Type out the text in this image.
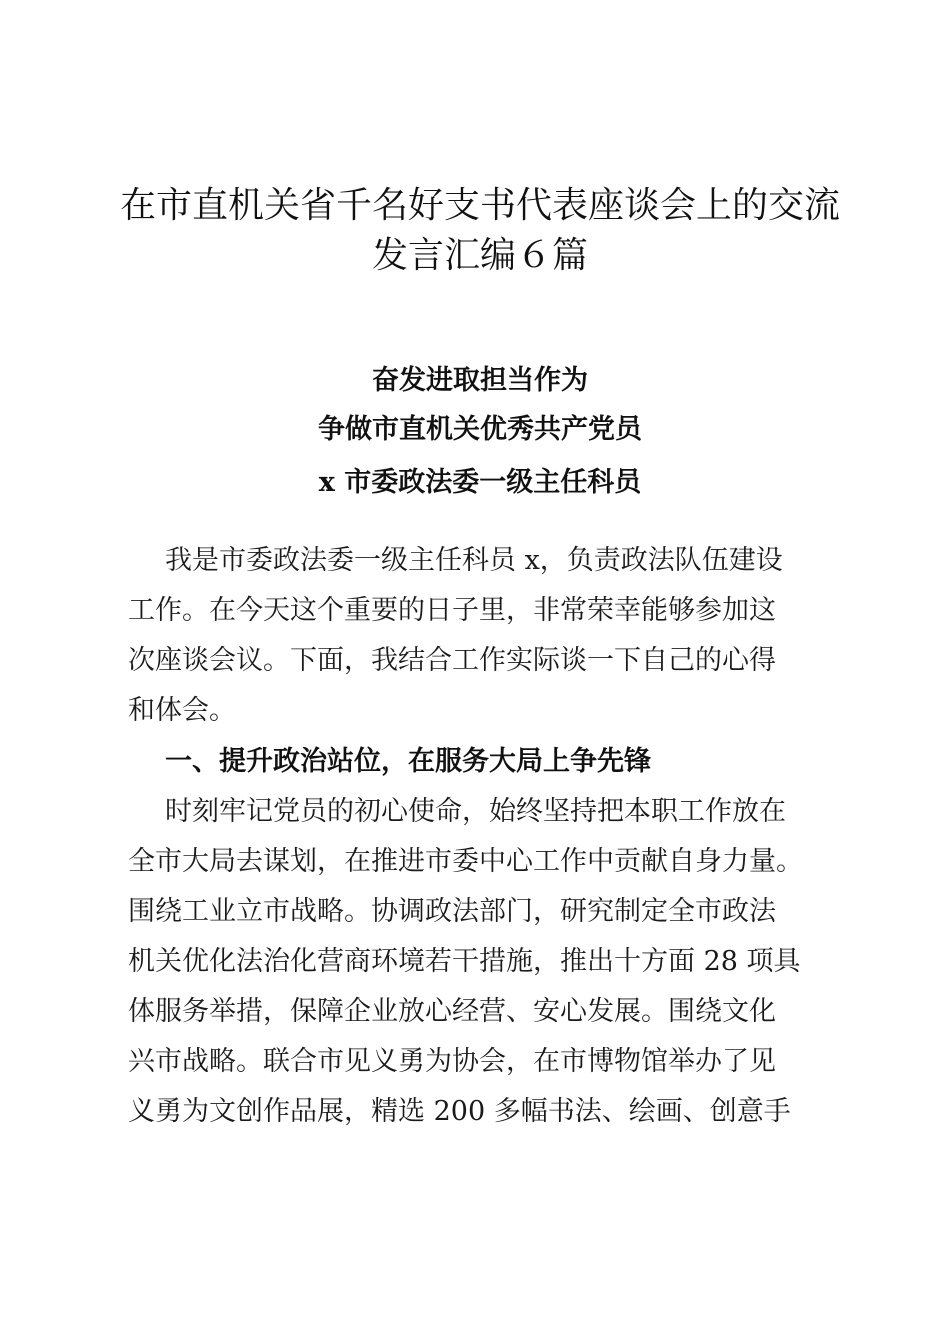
在市直机关省千名好支书代表座谈会上的交流
发言汇编６篇
奋发进取担当作为
争做市直机关优秀共产党员
x 市委政法委一级主任科员
我是市委政法委一级主任科员 x，负责政法队伍建设
工作。在今天这个重要的日子里，非常荣幸能够参加这
次座谈会议。下面，我结合工作实际谈一下自己的心得
和体会。
一、提升政治站位，在服务大局上争先锋
时刻牢记党员的初心使命，始终坚持把本职工作放在
全市大局去谋划，在推进市委中心工作中贡献自身力量。
围绕工业立市战略。协调政法部门，研究制定全市政法
机关优化法治化营商环境若干措施，推出十方面 28 项具
体服务举措，保障企业放心经营、安心发展。围绕文化
兴市战略。联合市见义勇为协会，在市博物馆举办了见
义勇为文创作品展，精选 200 多幅书法、绘画、创意手
